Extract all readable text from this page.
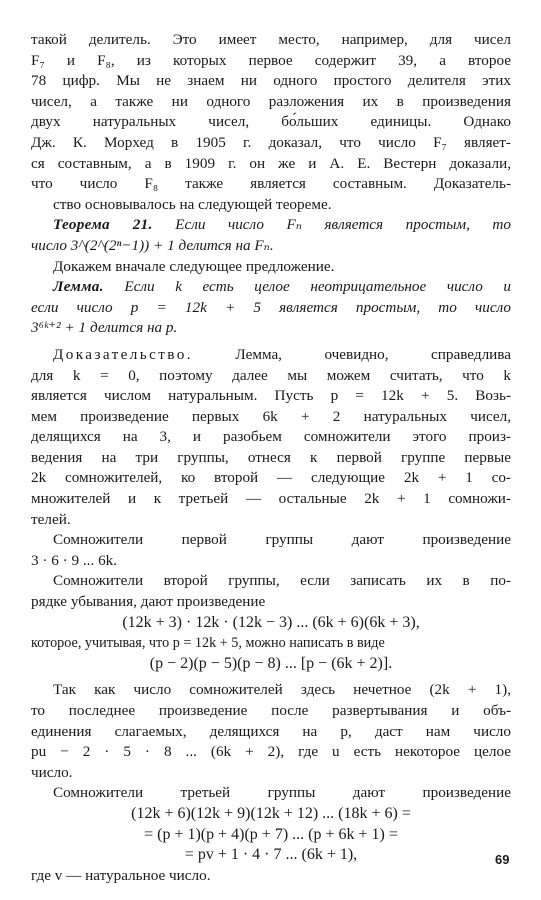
такой делитель. Это имеет место, например, для чисел
F₇ и F₈, из которых первое содержит 39, а второе
78 цифр. Мы не знаем ни одного простого делителя этих
чисел, а также ни одного разложения их в произведения
двух натуральных чисел, бо́льших единицы. Однако
Дж. К. Морхед в 1905 г. доказал, что число F₇ являет-
ся составным, а в 1909 г. он же и А. Е. Вестерн доказали,
что число F₈ также является составным. Доказатель-
ство основывалось на следующей теореме.
Теорема 21. Если число Fₙ является простым, то
число 3^(2^(2ⁿ−1)) + 1 делится на Fₙ.
Докажем вначале следующее предложение.
Лемма. Если k есть целое неотрицательное число и
если число p = 12k + 5 является простым, то число
3⁶ᵏ⁺² + 1 делится на p.
Доказательство.	Лемма, очевидно, справедлива
для k = 0, поэтому далее мы можем считать, что k
является числом натуральным. Пусть p = 12k + 5. Возь-
мем произведение первых 6k + 2 натуральных чисел,
делящихся на 3, и разобьем сомножители этого произ-
ведения на три группы, отнеся к первой группе первые
2k сомножителей, ко второй — следующие 2k + 1 со-
множителей и к третьей — остальные 2k + 1 сомножи-
телей.
Сомножители первой группы дают произведение
3 · 6 · 9 ... 6k.
Сомножители второй группы, если записать их в по-
рядке убывания, дают произведение
(12k + 3) · 12k · (12k − 3) ... (6k + 6)(6k + 3),
которое, учитывая, что p = 12k + 5, можно написать в виде
(p − 2)(p − 5)(p − 8) ... [p − (6k + 2)].
Так как число сомножителей здесь нечетное (2k + 1),
то последнее произведение после развертывания и объ-
единения слагаемых, делящихся на p, даст нам число
pu − 2 · 5 · 8 ... (6k + 2), где u есть некоторое целое
число.
Сомножители третьей группы дают произведение
(12k + 6)(12k + 9)(12k + 12) ... (18k + 6) =
= (p + 1)(p + 4)(p + 7) ... (p + 6k + 1) =
= pv + 1 · 4 · 7 ... (6k + 1),
где v — натуральное число.
69
